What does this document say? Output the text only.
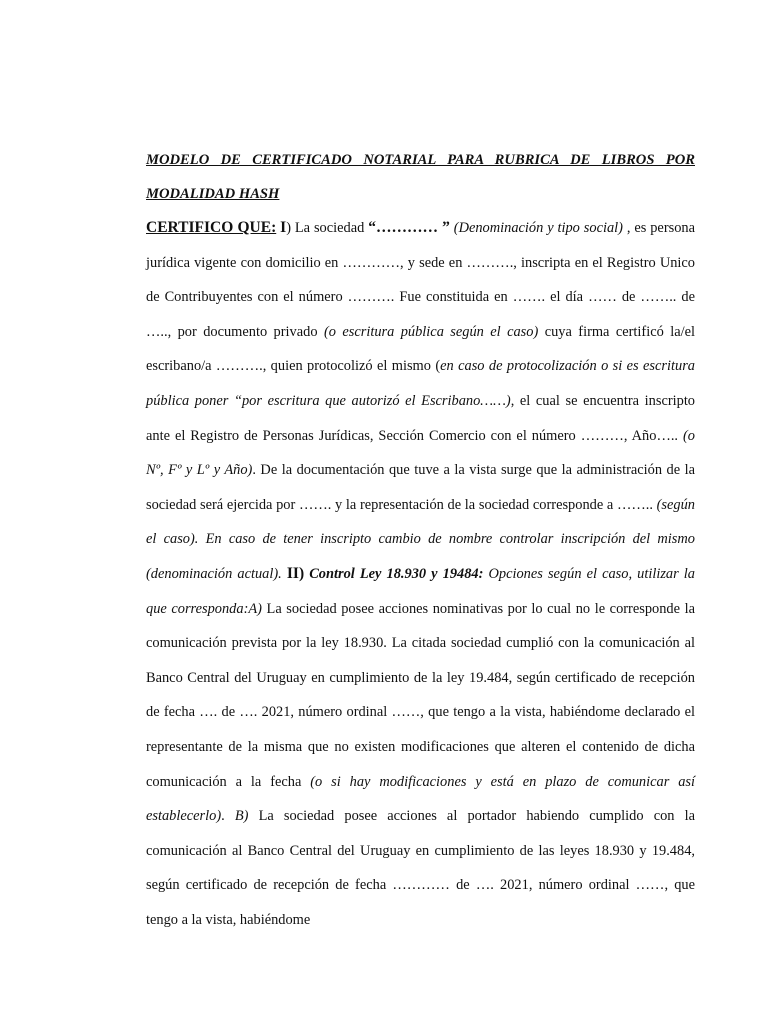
MODELO DE CERTIFICADO NOTARIAL PARA RUBRICA DE LIBROS POR

MODALIDAD HASH

CERTIFICO QUE: I) La sociedad “………… ” (Denominación y tipo social) , es persona jurídica vigente con domicilio en …………, y sede en ………., inscripta en el Registro Unico de Contribuyentes con el número ………. Fue constituida en ……. el día …… de …….. de ….., por documento privado (o escritura pública según el caso) cuya firma certificó la/el escribano/a ………., quien protocolizó el mismo (en caso de protocolización o si es escritura pública poner “por escritura que autorizó el Escribano……), el cual se encuentra inscripto ante el Registro de Personas Jurídicas, Sección Comercio con el número ………, Año….. (o Nº, Fº y Lº y Año). De la documentación que tuve a la vista surge que la administración de la sociedad será ejercida por ……. y la representación de la sociedad corresponde a …….. (según el caso). En caso de tener inscripto cambio de nombre controlar inscripción del mismo (denominación actual). II) Control Ley 18.930 y 19484: Opciones según el caso, utilizar la que corresponda:A) La sociedad posee acciones nominativas por lo cual no le corresponde la comunicación prevista por la ley 18.930. La citada sociedad cumplió con la comunicación al Banco Central del Uruguay en cumplimiento de la ley 19.484, según certificado de recepción de fecha …. de …. 2021, número ordinal ……, que tengo a la vista, habiéndome declarado el representante de la misma que no existen modificaciones que alteren el contenido de dicha comunicación a la fecha (o si hay modificaciones y está en plazo de comunicar así establecerlo). B) La sociedad posee acciones al portador habiendo cumplido con la comunicación al Banco Central del Uruguay en cumplimiento de las leyes 18.930 y 19.484, según certificado de recepción de fecha ………… de …. 2021, número ordinal ……, que tengo a la vista, habiéndome
